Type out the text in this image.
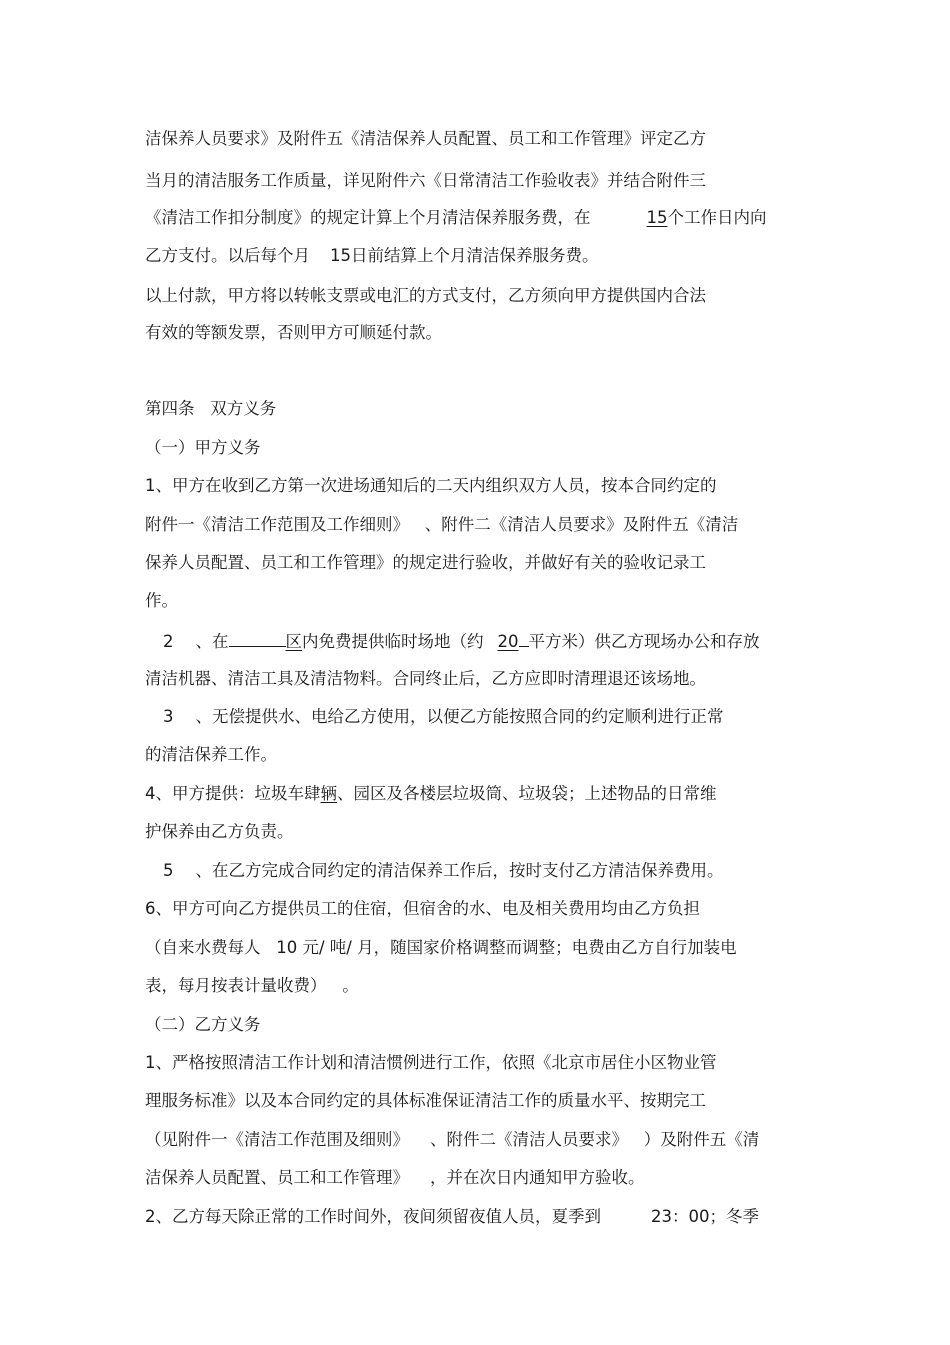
洁保养人员要求》及附件五《清洁保养人员配置、员工和工作管理》评定乙方
当月的清洁服务工作质量，详见附件六《日常清洁工作验收表》并结合附件三
《清洁工作扣分制度》的规定计算上个月清洁保养服务费，在	15个工作日内向
乙方支付。以后每个月 15日前结算上个月清洁保养服务费。
以上付款，甲方将以转帐支票或电汇的方式支付，乙方须向甲方提供国内合法
有效的等额发票，否则甲方可顺延付款。
第四条   双方义务
（一）甲方义务
1、甲方在收到乙方第一次进场通知后的二天内组织双方人员，按本合同约定的
附件一《清洁工作范围及工作细则》   、附件二《清洁人员要求》及附件五《清洁
保养人员配置、员工和工作管理》的规定进行验收，并做好有关的验收记录工
作。
2 、在	区内免费提供临时场地（约 20 平方米）供乙方现场办公和存放
清洁机器、清洁工具及清洁物料。合同终止后，乙方应即时清理退还该场地。
3 、无偿提供水、电给乙方使用，以便乙方能按照合同的约定顺利进行正常
的清洁保养工作。
4、甲方提供：垃圾车肆辆、园区及各楼层垃圾筒、垃圾袋；上述物品的日常维
护保养由乙方负责。
5 、在乙方完成合同约定的清洁保养工作后，按时支付乙方清洁保养费用。
6、甲方可向乙方提供员工的住宿，但宿舍的水、电及相关费用均由乙方负担
（自来水费每人   10 元/ 吨/ 月，随国家价格调整而调整；电费由乙方自行加装电
表，每月按表计量收费）   。
（二）乙方义务
1、严格按照清洁工作计划和清洁惯例进行工作，依照《北京市居住小区物业管
理服务标准》以及本合同约定的具体标准保证清洁工作的质量水平、按期完工
（见附件一《清洁工作范围及细则》    、附件二《清洁人员要求》   ）及附件五《清
洁保养人员配置、员工和工作管理》    ，并在次日内通知甲方验收。
2、乙方每天除正常的工作时间外，夜间须留夜值人员，夏季到	23：00；冬季
